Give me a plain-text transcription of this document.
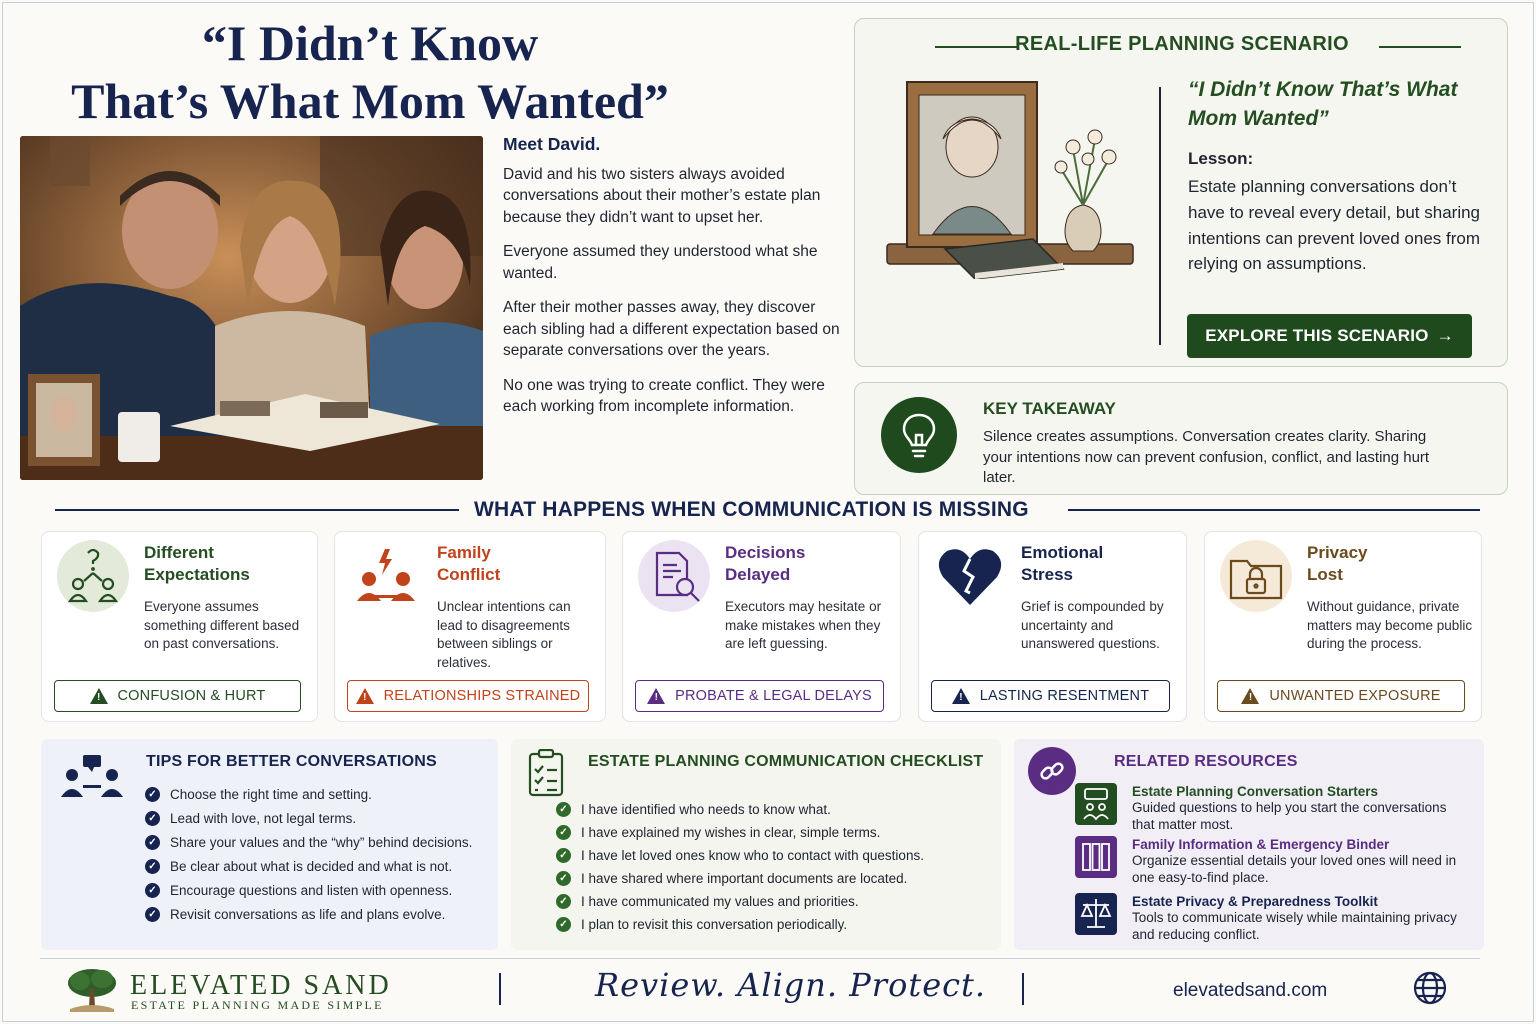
“I Didn’t Know
That’s What Mom Wanted”
Meet David.

David and his two sisters always avoided conversations about their mother’s estate plan because they didn’t want to upset her.

Everyone assumed they understood what she wanted.

After their mother passes away, they discover each sibling had a different expectation based on separate conversations over the years.

No one was trying to create conflict. They were each working from incomplete information.

REAL-LIFE PLANNING SCENARIO
“I Didn’t Know That’s What Mom Wanted”
Lesson:
Estate planning conversations don’t have to reveal every detail, but sharing intentions can prevent loved ones from relying on assumptions.
EXPLORE THIS SCENARIO →
KEY TAKEAWAY
Silence creates assumptions. Conversation creates clarity. Sharing your intentions now can prevent confusion, conflict, and lasting hurt later.
WHAT HAPPENS WHEN COMMUNICATION IS MISSING
Different
Expectations
Everyone assumes something different based on past conversations.
! CONFUSION & HURT
Family
Conflict
Unclear intentions can lead to disagreements between siblings or relatives.
! RELATIONSHIPS STRAINED
Decisions
Delayed
Executors may hesitate or make mistakes when they are left guessing.
! PROBATE & LEGAL DELAYS
Emotional
Stress
Grief is compounded by uncertainty and unanswered questions.
! LASTING RESENTMENT
Privacy
Lost
Without guidance, private matters may become public during the process.
! UNWANTED EXPOSURE
TIPS FOR BETTER CONVERSATIONS
✓ Choose the right time and setting.
✓ Lead with love, not legal terms.
✓ Share your values and the “why” behind decisions.
✓ Be clear about what is decided and what is not.
✓ Encourage questions and listen with openness.
✓ Revisit conversations as life and plans evolve.
ESTATE PLANNING COMMUNICATION CHECKLIST
✓ I have identified who needs to know what.
✓ I have explained my wishes in clear, simple terms.
✓ I have let loved ones know who to contact with questions.
✓ I have shared where important documents are located.
✓ I have communicated my values and priorities.
✓ I plan to revisit this conversation periodically.
RELATED RESOURCES
Estate Planning Conversation Starters
Guided questions to help you start the conversations that matter most.
Family Information & Emergency Binder
Organize essential details your loved ones will need in one easy-to-find place.
Estate Privacy & Preparedness Toolkit
Tools to communicate wisely while maintaining privacy and reducing conflict.
ELEVATED SAND
ESTATE PLANNING MADE SIMPLE
Review. Align. Protect.	elevatedsand.com
